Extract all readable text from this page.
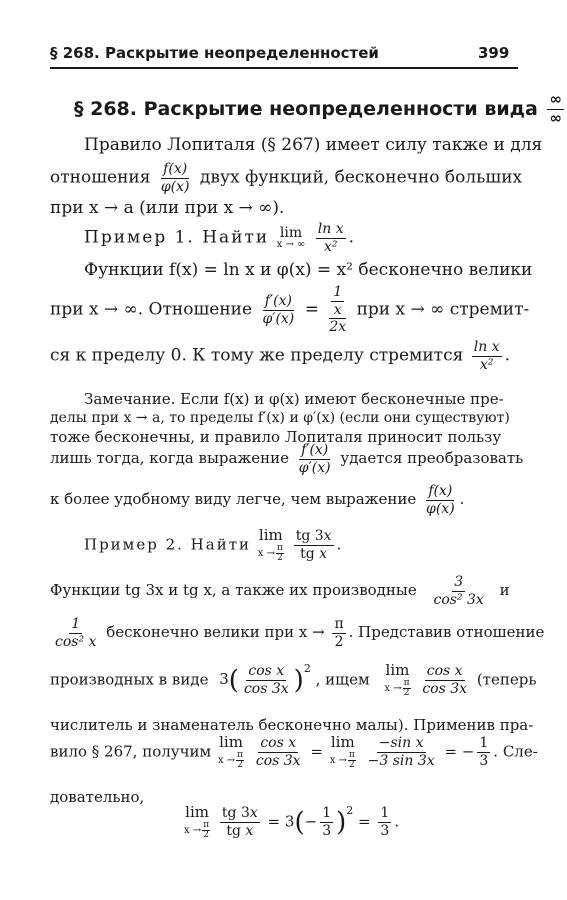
§ 268. Раскрытие неопределенностей	399
§ 268. Раскрытие неопределенности вида $\frac{\infty}{\infty}$
Правило Лопиталя (§ 267) имеет силу также и для
отношения $\frac{f(x)}{\varphi(x)}$ двух функций, бесконечно больших
при x → a (или при x → ∞).
Пример 1. Найти lim
x → ∞
$\frac{\text{ln x}}{\text{x²}}$ .
Функции f(x) = ln x и φ(x) = x² бесконечно велики
при x → ∞. Отношение $\frac{f'(x)}{\varphi'(x)} = \frac{\frac{1}{x}}{2x}$ при x → ∞ стремит-
ся к пределу 0. К тому же пределу стремится $\frac{\text{ln x}}{\text{x²}}$ .
Замечание. Если f(x) и φ(x) имеют бесконечные пре-
делы при x → a, то пределы f′(x) и φ′(x) (если они существуют)
тоже бесконечны, и правило Лопиталя приносит пользу
лишь тогда, когда выражение $\frac{f'(x)}{\varphi'(x)}$ удается преобразовать
к более удобному виду легче, чем выражение $\frac{f(x)}{\varphi(x)}$ .
Пример 2. Найти
lim
$x \to \frac{\pi}{2}$
$\frac{tg 3x}{\text{tg x}}$ .
Функции tg 3x и tg x, а также их производные $\frac{3}{\text{cos² 3x}}$ и
$\frac{1}{\text{cos² x}}$ бесконечно велики при $x \to \frac{\pi}{2}$ . Представив отношение
производных в виде $3( \frac{\text{cos x}}{\cos 3x} )^2$ , ищем
lim
$x \to \frac{\pi}{2}$
$\frac{\text{cos x}}{\cos 3x}$ (теперь
числитель и знаменатель бесконечно малы). Применив пра-
вило § 267, получим
lim
$x \to \frac{\pi}{2}$
$\frac{\text{cos x}}{\cos 3x}$ =
lim
$x \to \frac{\pi}{2}$
$\frac{\text{−sin x}}{-3 \sin 3x}$ = − $\frac{1}{3}$ . Сле-
довательно,
lim
$x \to \frac{\pi}{2}$
$\frac{tg 3x}{\text{tg x}} = 3(- \frac{1}{3} )^2 = \frac{1}{3}$ .
